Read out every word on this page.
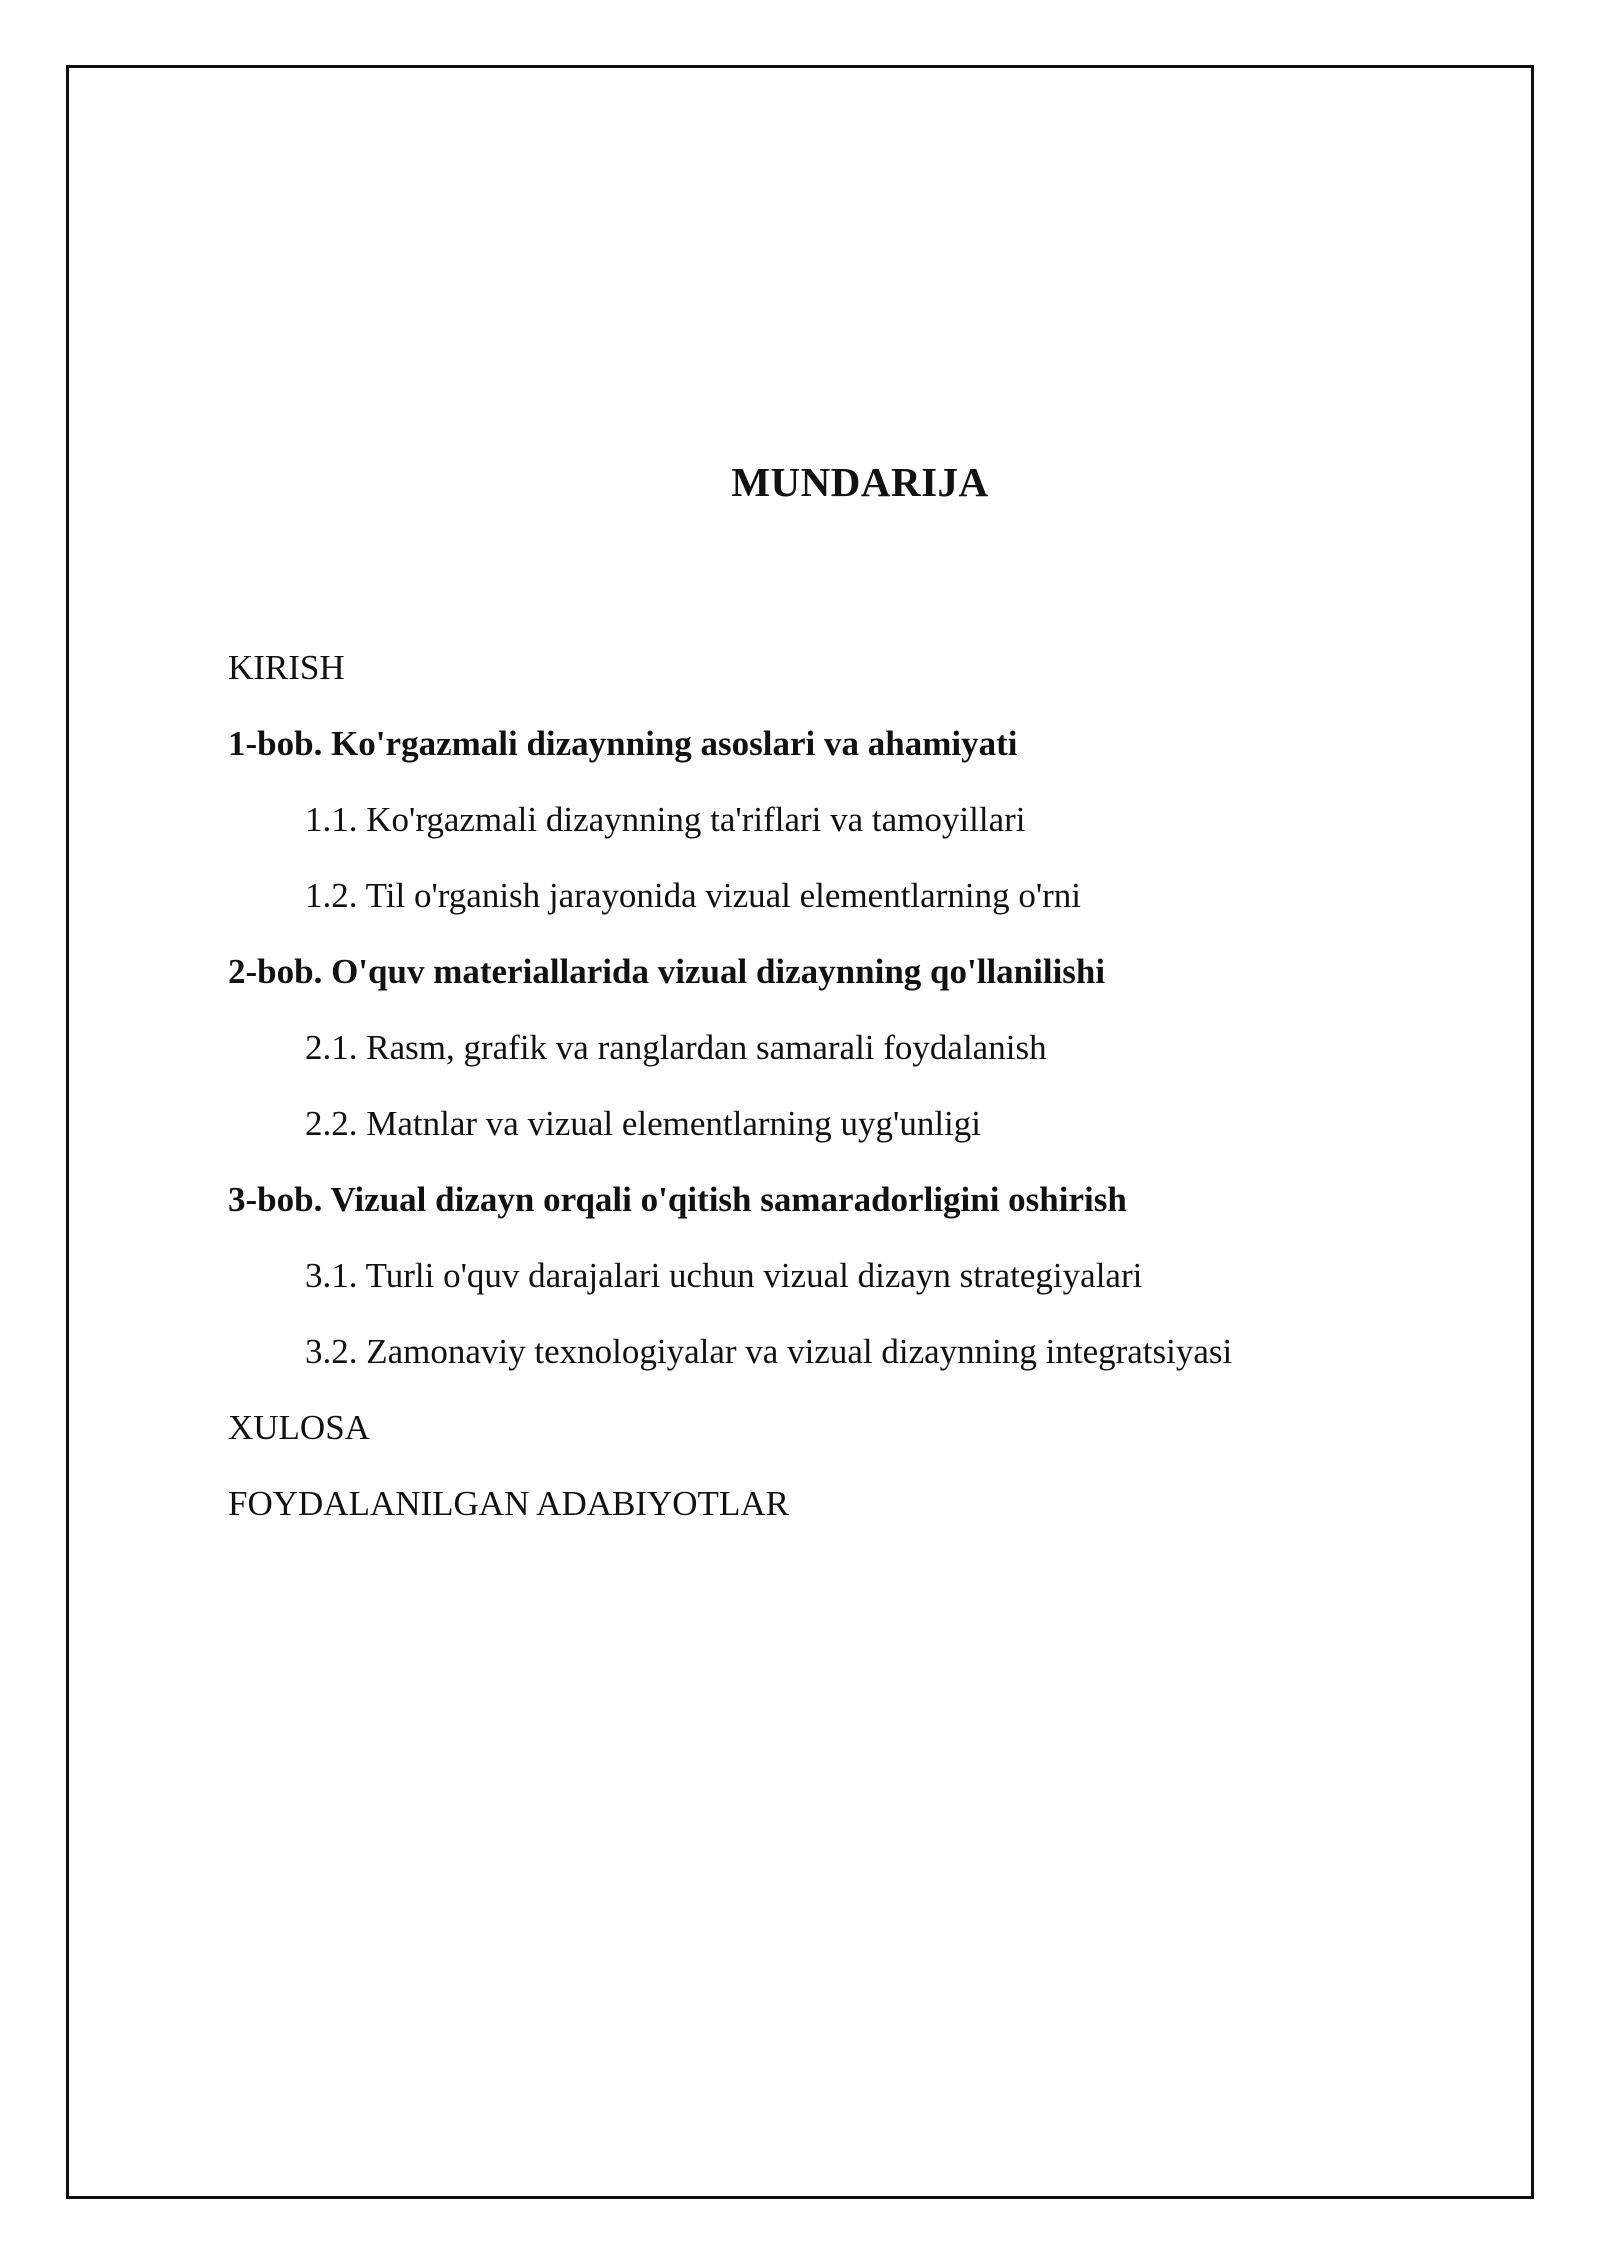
MUNDARIJA
KIRISH
1-bob. Ko'rgazmali dizaynning asoslari va ahamiyati
1.1. Ko'rgazmali dizaynning ta'riflari va tamoyillari
1.2. Til o'rganish jarayonida vizual elementlarning o'rni
2-bob. O'quv materiallarida vizual dizaynning qo'llanilishi
2.1. Rasm, grafik va ranglardan samarali foydalanish
2.2. Matnlar va vizual elementlarning uyg'unligi
3-bob. Vizual dizayn orqali o'qitish samaradorligini oshirish
3.1. Turli o'quv darajalari uchun vizual dizayn strategiyalari
3.2. Zamonaviy texnologiyalar va vizual dizaynning integratsiyasi
XULOSA
FOYDALANILGAN ADABIYOTLAR
